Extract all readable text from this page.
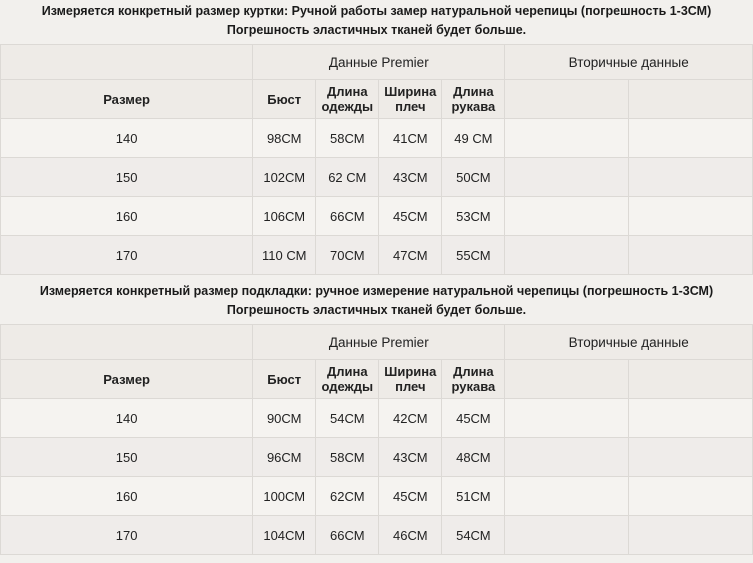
Измеряется конкретный размер куртки: Ручной работы замер натуральной черепицы (погрешность 1-3СМ) Погрешность эластичных тканей будет больше.
	Данные Premier				Вторичные данные	
Размер	Бюст	Длина одежды	Ширина плеч	Длина рукава		
140	98СМ	58СМ	41СМ	49 СМ		
150	102СМ	62 СМ	43СМ	50СМ		
160	106СМ	66СМ	45СМ	53СМ		
170	110 СМ	70СМ	47СМ	55СМ		
Измеряется конкретный размер подкладки: ручное измерение натуральной черепицы (погрешность 1-3СМ) Погрешность эластичных тканей будет больше.
	Данные Premier				Вторичные данные	
Размер	Бюст	Длина одежды	Ширина плеч	Длина рукава		
140	90СМ	54СМ	42СМ	45СМ		
150	96СМ	58СМ	43СМ	48СМ		
160	100СМ	62СМ	45СМ	51СМ		
170	104СМ	66СМ	46СМ	54СМ		
